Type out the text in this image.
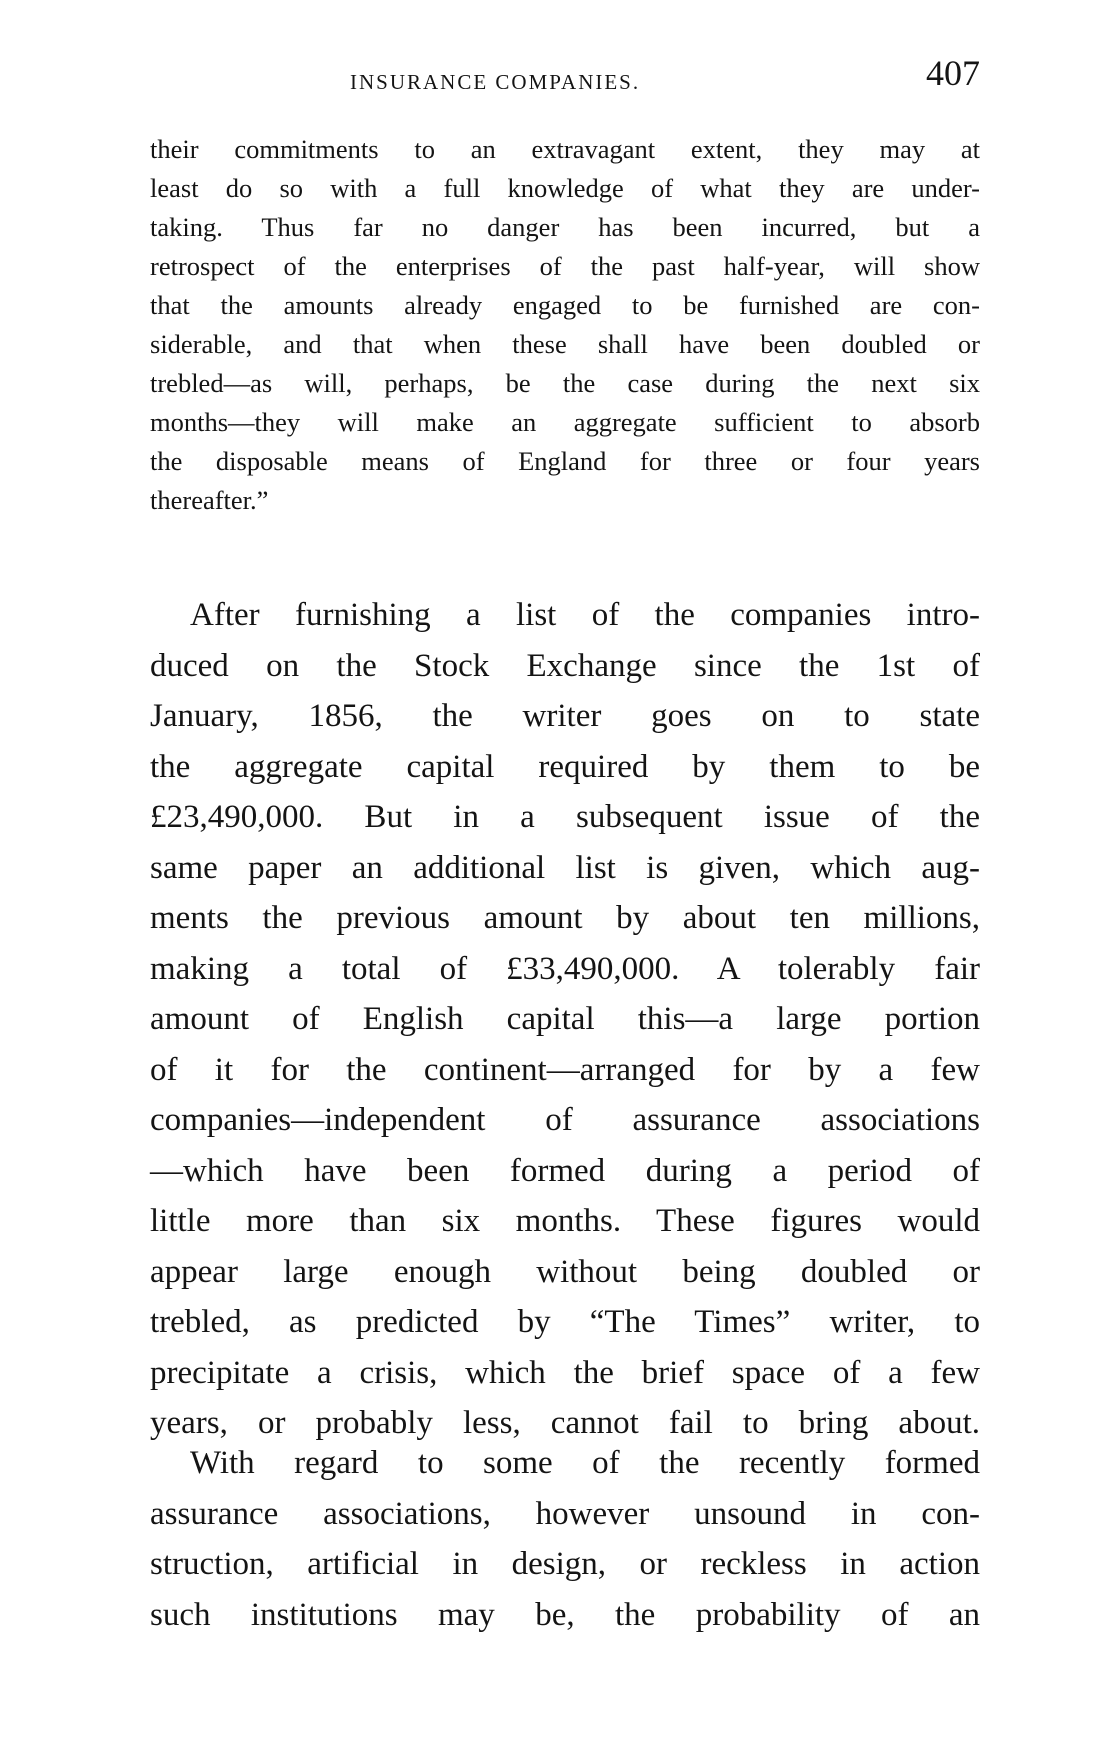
INSURANCE COMPANIES.	407
their commitments to an extravagant extent, they may at
least do so with a full knowledge of what they are under-
taking. Thus far no danger has been incurred, but a
retrospect of the enterprises of the past half-year, will show
that the amounts already engaged to be furnished are con-
siderable, and that when these shall have been doubled or
trebled—as will, perhaps, be the case during the next six
months—they will make an aggregate sufficient to absorb
the disposable means of England for three or four years
thereafter.”
After furnishing a list of the companies intro-
duced on the Stock Exchange since the 1st of
January, 1856, the writer goes on to state
the aggregate capital required by them to be
£23,490,000. But in a subsequent issue of the
same paper an additional list is given, which aug-
ments the previous amount by about ten millions,
making a total of £33,490,000. A tolerably fair
amount of English capital this—a large portion
of it for the continent—arranged for by a few
companies—independent of assurance associations
—which have been formed during a period of
little more than six months. These figures would
appear large enough without being doubled or
trebled, as predicted by “The Times” writer, to
precipitate a crisis, which the brief space of a few
years, or probably less, cannot fail to bring about.
With regard to some of the recently formed
assurance associations, however unsound in con-
struction, artificial in design, or reckless in action
such institutions may be, the probability of an
